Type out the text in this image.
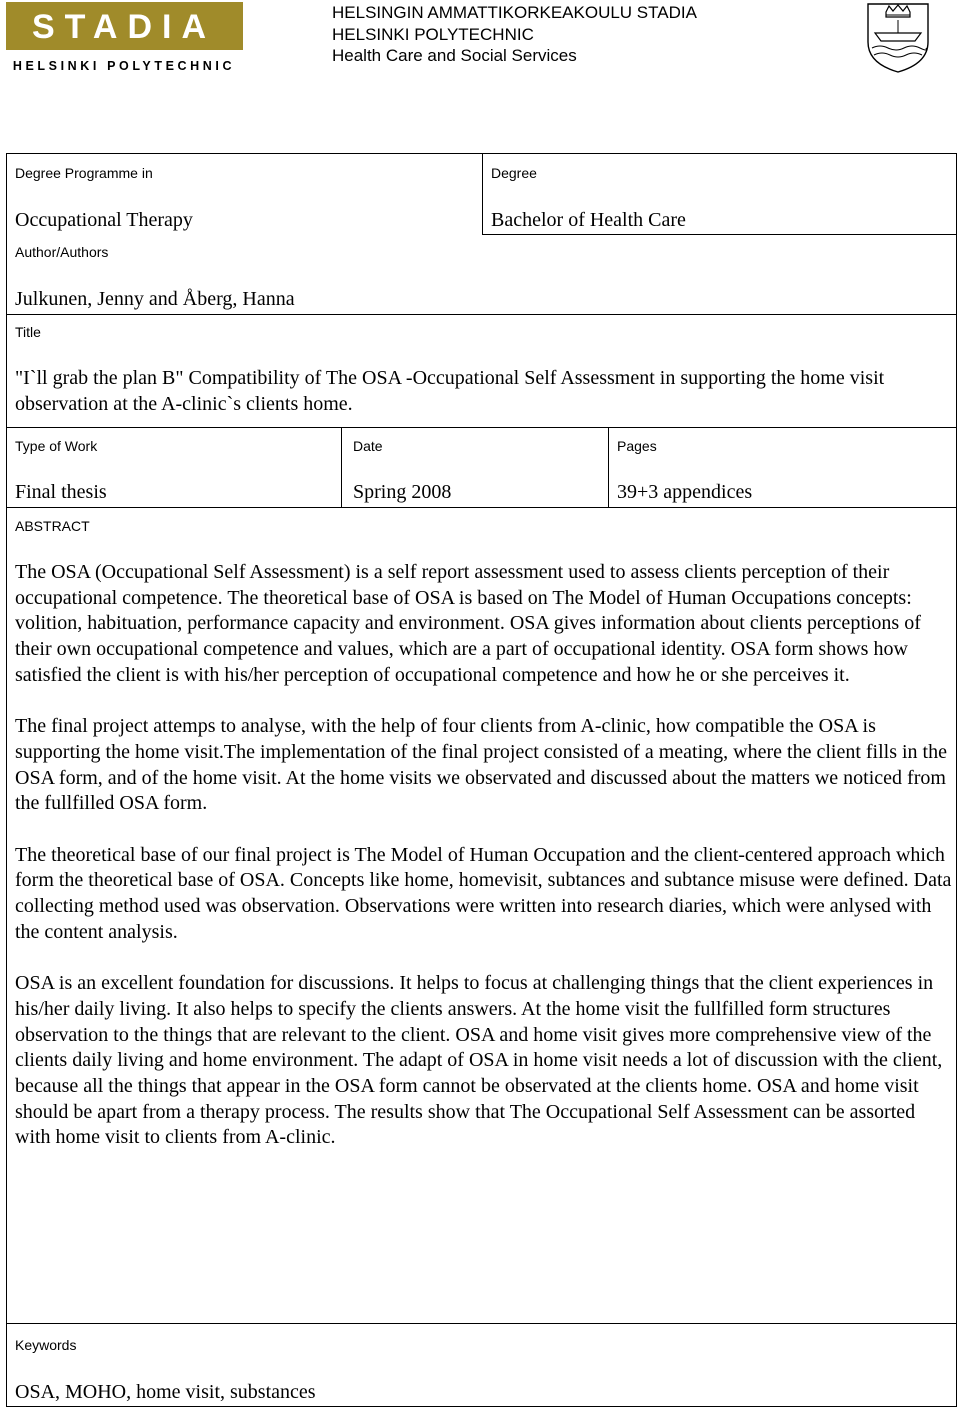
STADIA
HELSINKI POLYTECHNIC
HELSINGIN AMMATTIKORKEAKOULU STADIA
HELSINKI POLYTECHNIC
Health Care and Social Services
Degree Programme in
Occupational Therapy
Degree
Bachelor of Health Care
Author/Authors
Julkunen, Jenny and Åberg, Hanna
Title
"I`ll grab the plan B" Compatibility of The OSA -Occupational Self Assessment in supporting the home visit observation at the A-clinic`s clients home.
Type of Work
Final thesis
Date
Spring 2008
Pages
39+3 appendices
ABSTRACT

The OSA (Occupational Self Assessment) is a self report assessment used to assess clients perception of their occupational competence. The theoretical base of OSA is based on The Model of Human Occupations concepts: volition, habituation, performance capacity and environment. OSA gives information about clients perceptions of their own occupational competence and values, which are a part of occupational identity. OSA form shows how satisfied the client is with his/her perception of occupational competence and how he or she perceives it.

The final project attemps to analyse, with the help of four clients from A-clinic, how compatible the OSA is supporting the home visit.The implementation of the final project consisted of a meating, where the client fills in the OSA form, and of the home visit. At the home visits we observated and discussed about the matters we noticed from the fullfilled OSA form.

The theoretical base of our final project is The Model of Human Occupation and the client-centered approach which form the theoretical base of OSA. Concepts like home, homevisit, subtances and subtance misuse were defined. Data collecting method used was observation. Observations were written into research diaries, which were anlysed with the content analysis.

OSA is an excellent foundation for discussions. It helps to focus at challenging things that the client experiences in his/her daily living. It also helps to specify the clients answers. At the home visit the fullfilled form structures observation to the things that are relevant to the client. OSA and home visit gives more comprehensive view of the clients daily living and home environment. The adapt of OSA in home visit needs a lot of discussion with the client, because all the things that appear in the OSA form cannot be observated at the clients home. OSA and home visit should be apart from a therapy process. The results show that The Occupational Self Assessment can be assorted with home visit to clients from A-clinic.

Keywords
OSA, MOHO, home visit, substances
